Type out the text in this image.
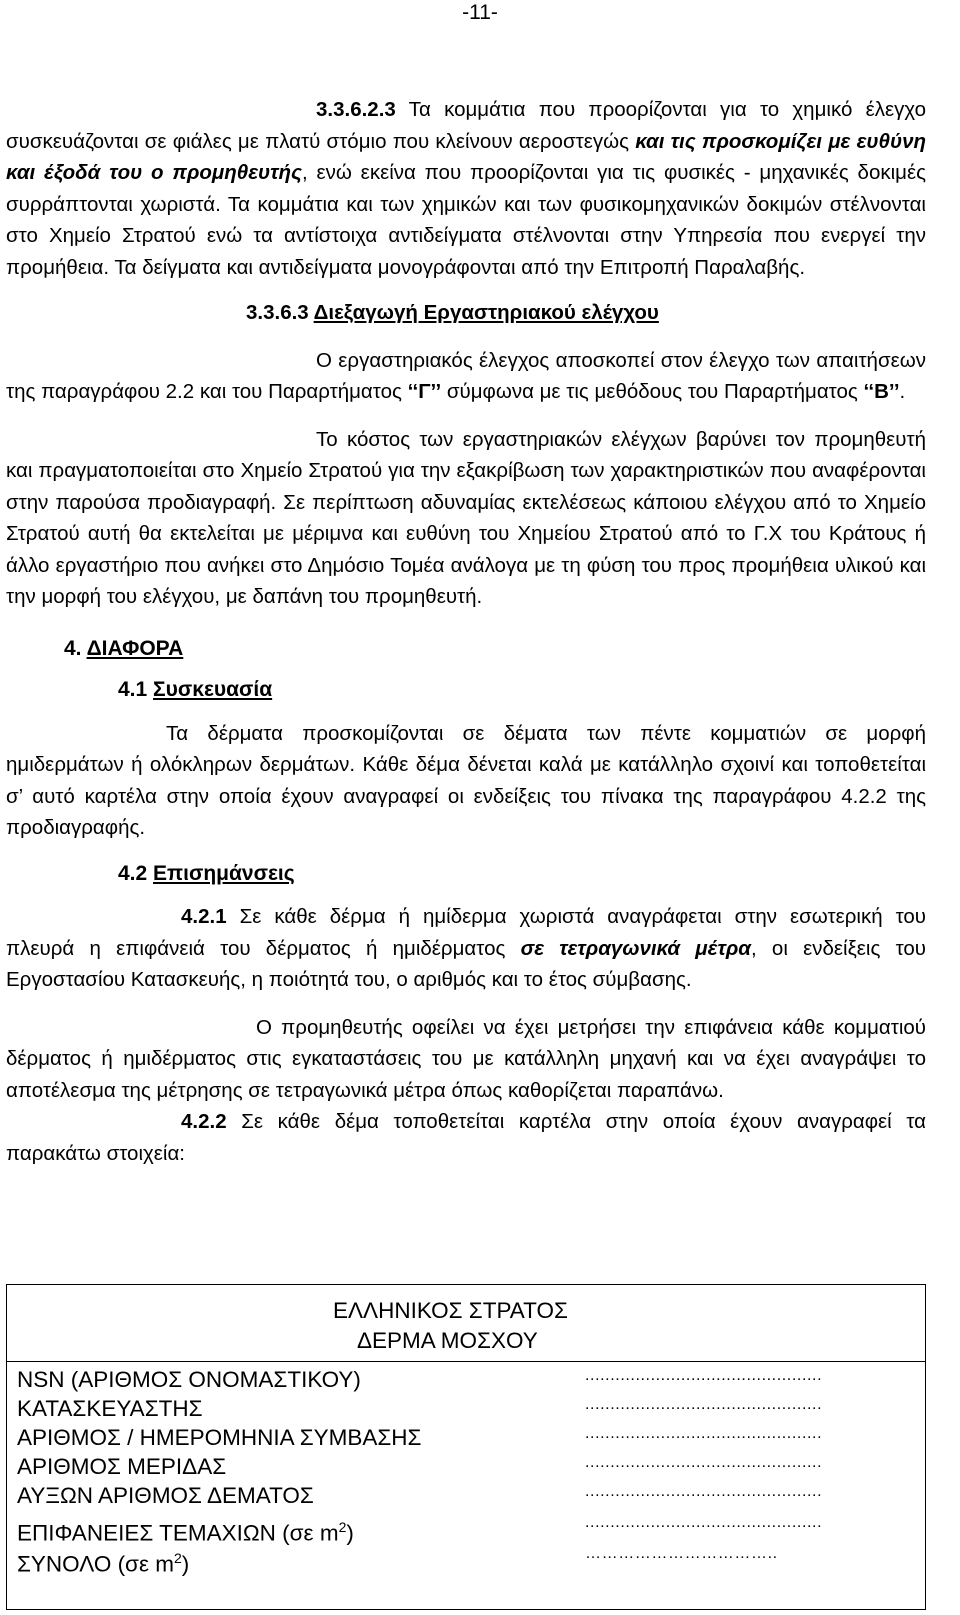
-11-

3.3.6.2.3 Τα κομμάτια που προορίζονται για το χημικό έλεγχο συσκευάζονται σε φιάλες με πλατύ στόμιο που κλείνουν αεροστεγώς και τις προσκομίζει με ευθύνη και έξοδά του ο προμηθευτής, ενώ εκείνα που προορίζονται για τις φυσικές - μηχανικές δοκιμές συρράπτονται χωριστά. Τα κομμάτια και των χημικών και των φυσικομηχανικών δοκιμών στέλνονται στο Χημείο Στρατού ενώ τα αντίστοιχα αντιδείγματα στέλνονται στην Υπηρεσία που ενεργεί την προμήθεια. Τα δείγματα και αντιδείγματα μονογράφονται από την Επιτροπή Παραλαβής.

3.3.6.3 Διεξαγωγή Εργαστηριακού ελέγχου

Ο εργαστηριακός έλεγχος αποσκοπεί στον έλεγχο των απαιτήσεων της παραγράφου 2.2 και του Παραρτήματος ‘‘Γ’’ σύμφωνα με τις μεθόδους του Παραρτήματος ‘‘Β’’.

Το κόστος των εργαστηριακών ελέγχων βαρύνει τον προμηθευτή και πραγματοποιείται στο Χημείο Στρατού για την εξακρίβωση των χαρακτηριστικών που αναφέρονται στην παρούσα προδιαγραφή. Σε περίπτωση αδυναμίας εκτελέσεως κάποιου ελέγχου από το Χημείο Στρατού αυτή θα εκτελείται με μέριμνα και ευθύνη του Χημείου Στρατού από το Γ.Χ του Κράτους ή άλλο εργαστήριο που ανήκει στο Δημόσιο Τομέα ανάλογα με τη φύση του προς προμήθεια υλικού και την μορφή του ελέγχου, με δαπάνη του προμηθευτή.

4. ΔΙΑΦΟΡΑ
4.1 Συσκευασία

Τα δέρματα προσκομίζονται σε δέματα των πέντε κομματιών σε μορφή ημιδερμάτων ή ολόκληρων δερμάτων. Κάθε δέμα δένεται καλά με κατάλληλο σχοινί και τοποθετείται σ’ αυτό καρτέλα στην οποία έχουν αναγραφεί οι ενδείξεις του πίνακα της παραγράφου 4.2.2 της προδιαγραφής.

4.2 Επισημάνσεις

4.2.1 Σε κάθε δέρμα ή ημίδερμα χωριστά αναγράφεται στην εσωτερική του πλευρά η επιφάνειά του δέρματος ή ημιδέρματος σε τετραγωνικά μέτρα, οι ενδείξεις του Εργοστασίου Κατασκευής, η ποιότητά του, ο αριθμός και το έτος σύμβασης.

Ο προμηθευτής οφείλει να έχει μετρήσει την επιφάνεια κάθε κομματιού δέρματος ή ημιδέρματος στις εγκαταστάσεις του με κατάλληλη μηχανή και να έχει αναγράψει το αποτέλεσμα της μέτρησης σε τετραγωνικά μέτρα όπως καθορίζεται παραπάνω.

4.2.2 Σε κάθε δέμα τοποθετείται καρτέλα στην οποία έχουν αναγραφεί τα παρακάτω στοιχεία:

ΕΛΛΗΝΙΚΟΣ ΣΤΡΑΤΟΣ
ΔΕΡΜΑ ΜΟΣΧΟΥ
NSN (ΑΡΙΘΜΟΣ ΟΝΟΜΑΣΤΙΚΟΥ)	...............................................
ΚΑΤΑΣΚΕΥΑΣΤΗΣ	...............................................
ΑΡΙΘΜΟΣ / ΗΜΕΡΟΜΗΝΙΑ ΣΥΜΒΑΣΗΣ	...............................................
ΑΡΙΘΜΟΣ ΜΕΡΙΔΑΣ	...............................................
ΑΥΞΩΝ ΑΡΙΘΜΟΣ ΔΕΜΑΤΟΣ	...............................................
ΕΠΙΦΑΝΕΙΕΣ ΤΕΜΑΧΙΩΝ (σε $m^2$)	...............................................
ΣΥΝΟΛΟ (σε $m^2$)	……………………………..
